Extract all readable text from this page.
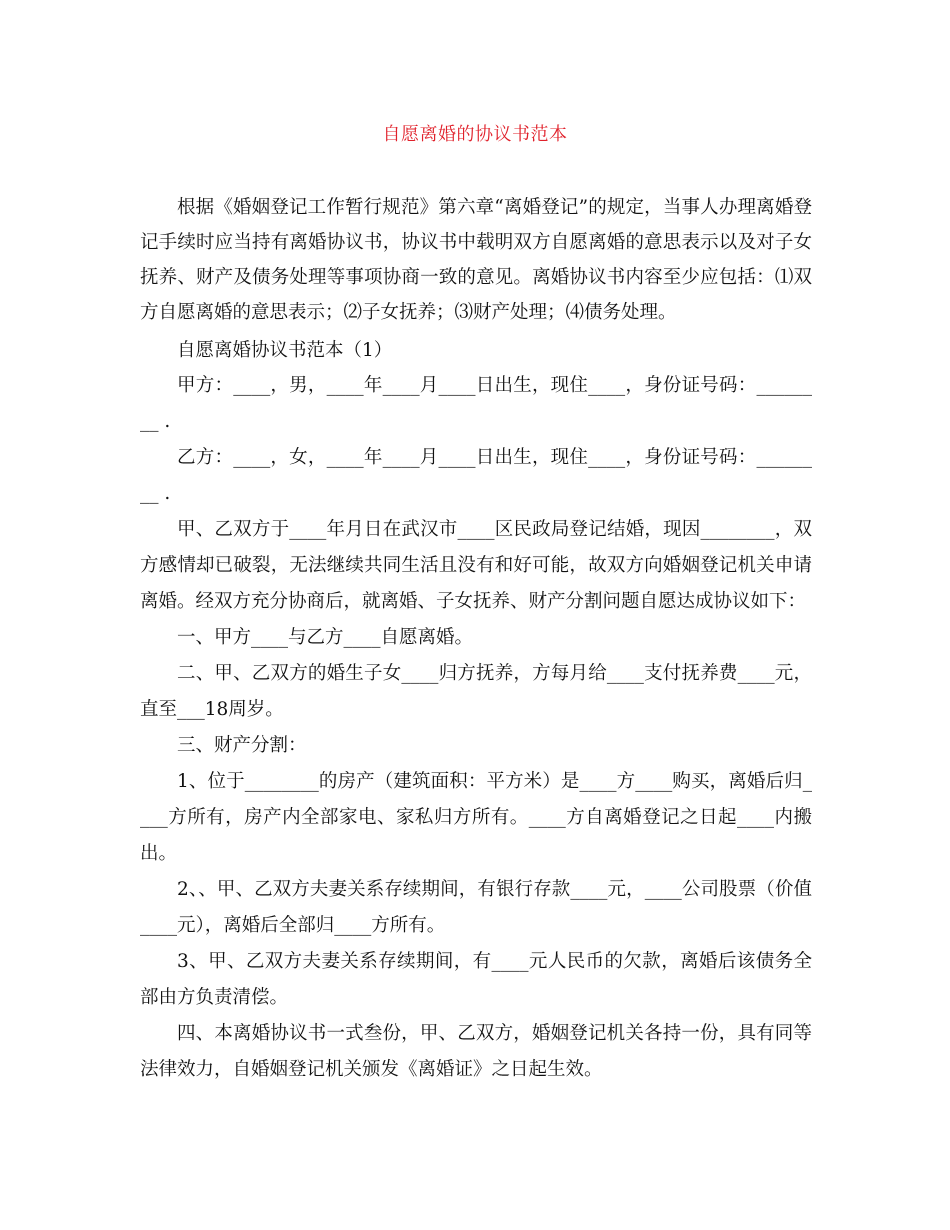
自愿离婚的协议书范本

根据《婚姻登记工作暂行规范》第六章“离婚登记”的规定，当事人办理离婚登记手续时应当持有离婚协议书，协议书中载明双方自愿离婚的意思表示以及对子女抚养、财产及债务处理等事项协商一致的意见。离婚协议书内容至少应包括：⑴双方自愿离婚的意思表示；⑵子女抚养；⑶财产处理；⑷债务处理。

自愿离婚协议书范本（1）

甲方：____，男，____年____月____日出生，现住____，身份证号码：________ .

乙方：____，女，____年____月____日出生，现住____，身份证号码：________ .

甲、乙双方于____年月日在武汉市____区民政局登记结婚，现因________，双方感情却已破裂，无法继续共同生活且没有和好可能，故双方向婚姻登记机关申请离婚。经双方充分协商后，就离婚、子女抚养、财产分割问题自愿达成协议如下：

一、甲方____与乙方____自愿离婚。

二、甲、乙双方的婚生子女____归方抚养，方每月给____支付抚养费____元，直至___18周岁。

三、财产分割：

1、位于________的房产（建筑面积：平方米）是____方____购买，离婚后归____方所有，房产内全部家电、家私归方所有。____方自离婚登记之日起____内搬出。

2、、甲、乙双方夫妻关系存续期间，有银行存款____元，____公司股票（价值____元），离婚后全部归____方所有。

3、甲、乙双方夫妻关系存续期间，有____元人民币的欠款，离婚后该债务全部由方负责清偿。

四、本离婚协议书一式叁份，甲、乙双方，婚姻登记机关各持一份，具有同等法律效力，自婚姻登记机关颁发《离婚证》之日起生效。
